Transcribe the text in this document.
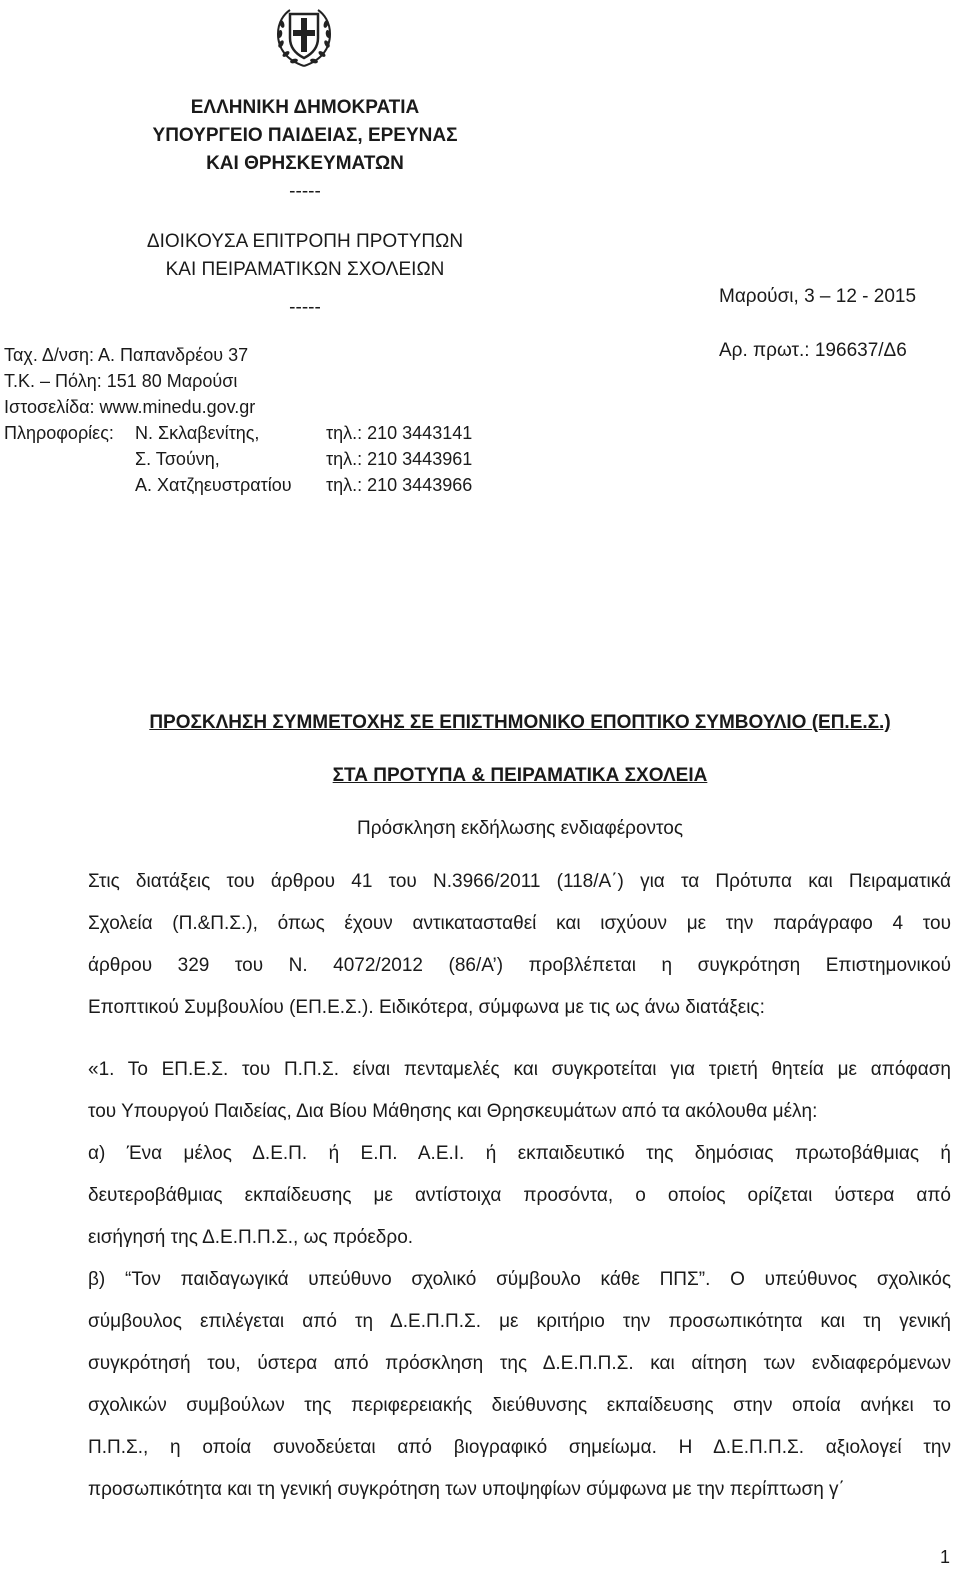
ΕΛΛΗΝΙΚΗ ΔΗΜΟΚΡΑΤΙΑ
ΥΠΟΥΡΓΕΙΟ ΠΑΙΔΕΙΑΣ, ΕΡΕΥΝΑΣ
ΚΑΙ ΘΡΗΣΚΕΥΜΑΤΩΝ
-----
ΔΙΟΙΚΟΥΣΑ ΕΠΙΤΡΟΠΗ ΠΡΟΤΥΠΩΝ
ΚΑΙ ΠΕΙΡΑΜΑΤΙΚΩΝ ΣΧΟΛΕΙΩΝ
-----
Μαρούσι, 3 – 12 - 2015
Αρ. πρωτ.: 196637/Δ6
Ταχ. Δ/νση: Α. Παπανδρέου 37
Τ.Κ. – Πόλη: 151 80 Μαρούσι
Ιστοσελίδα: www.minedu.gov.gr
Πληροφορίες: Ν. Σκλαβενίτης,	τηλ.: 210 3443141
Σ. Τσούνη,	τηλ.: 210 3443961
Α. Χατζηευστρατίου τηλ.: 210 3443966
ΠΡΟΣΚΛΗΣΗ ΣΥΜΜΕΤΟΧΗΣ ΣΕ ΕΠΙΣΤΗΜΟΝΙΚΟ ΕΠΟΠΤΙΚΟ ΣΥΜΒΟΥΛΙΟ (ΕΠ.Ε.Σ.)
ΣΤΑ ΠΡΟΤΥΠΑ & ΠΕΙΡΑΜΑΤΙΚΑ ΣΧΟΛΕΙΑ
Πρόσκληση εκδήλωσης ενδιαφέροντος
Στις διατάξεις του άρθρου 41 του Ν.3966/2011 (118/Α΄) για τα Πρότυπα και Πειραματικά
Σχολεία (Π.&Π.Σ.), όπως έχουν αντικατασταθεί και ισχύουν με την παράγραφο 4 του
άρθρου 329 του Ν. 4072/2012 (86/Α’) προβλέπεται η συγκρότηση Επιστημονικού
Εποπτικού Συμβουλίου (ΕΠ.Ε.Σ.). Ειδικότερα, σύμφωνα με τις ως άνω διατάξεις:
«1. Το ΕΠ.Ε.Σ. του Π.Π.Σ. είναι πενταμελές και συγκροτείται για τριετή θητεία με απόφαση
του Υπουργού Παιδείας, Δια Βίου Μάθησης και Θρησκευμάτων από τα ακόλουθα μέλη:
α) Ένα μέλος Δ.Ε.Π. ή Ε.Π. Α.Ε.Ι. ή εκπαιδευτικό της δημόσιας πρωτοβάθμιας ή
δευτεροβάθμιας εκπαίδευσης με αντίστοιχα προσόντα, ο οποίος ορίζεται ύστερα από
εισήγησή της Δ.Ε.Π.Π.Σ., ως πρόεδρο.
β) “Τον παιδαγωγικά υπεύθυνο σχολικό σύμβουλο κάθε ΠΠΣ”. Ο υπεύθυνος σχολικός
σύμβουλος επιλέγεται από τη Δ.Ε.Π.Π.Σ. με κριτήριο την προσωπικότητα και τη γενική
συγκρότησή του, ύστερα από πρόσκληση της Δ.Ε.Π.Π.Σ. και αίτηση των ενδιαφερόμενων
σχολικών συμβούλων της περιφερειακής διεύθυνσης εκπαίδευσης στην οποία ανήκει το
Π.Π.Σ., η οποία συνοδεύεται από βιογραφικό σημείωμα. Η Δ.Ε.Π.Π.Σ. αξιολογεί την
προσωπικότητα και τη γενική συγκρότηση των υποψηφίων σύμφωνα με την περίπτωση γ΄
1
